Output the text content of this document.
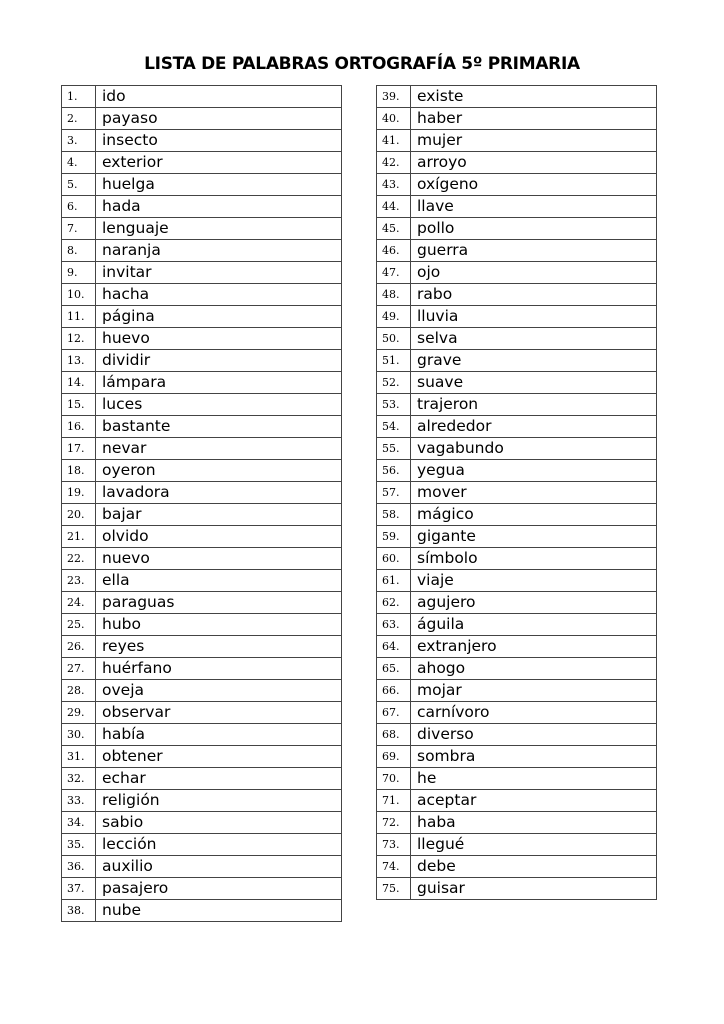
LISTA DE PALABRAS ORTOGRAFÍA 5º PRIMARIA
1.	ido
2.	payaso
3.	insecto
4.	exterior
5.	huelga
6.	hada
7.	lenguaje
8.	naranja
9.	invitar
10.	hacha
11.	página
12.	huevo
13.	dividir
14.	lámpara
15.	luces
16.	bastante
17.	nevar
18.	oyeron
19.	lavadora
20.	bajar
21.	olvido
22.	nuevo
23.	ella
24.	paraguas
25.	hubo
26.	reyes
27.	huérfano
28.	oveja
29.	observar
30.	había
31.	obtener
32.	echar
33.	religión
34.	sabio
35.	lección
36.	auxilio
37.	pasajero
38.	nube
39.	existe
40.	haber
41.	mujer
42.	arroyo
43.	oxígeno
44.	llave
45.	pollo
46.	guerra
47.	ojo
48.	rabo
49.	lluvia
50.	selva
51.	grave
52.	suave
53.	trajeron
54.	alrededor
55.	vagabundo
56.	yegua
57.	mover
58.	mágico
59.	gigante
60.	símbolo
61.	viaje
62.	agujero
63.	águila
64.	extranjero
65.	ahogo
66.	mojar
67.	carnívoro
68.	diverso
69.	sombra
70.	he
71.	aceptar
72.	haba
73.	llegué
74.	debe
75.	guisar
